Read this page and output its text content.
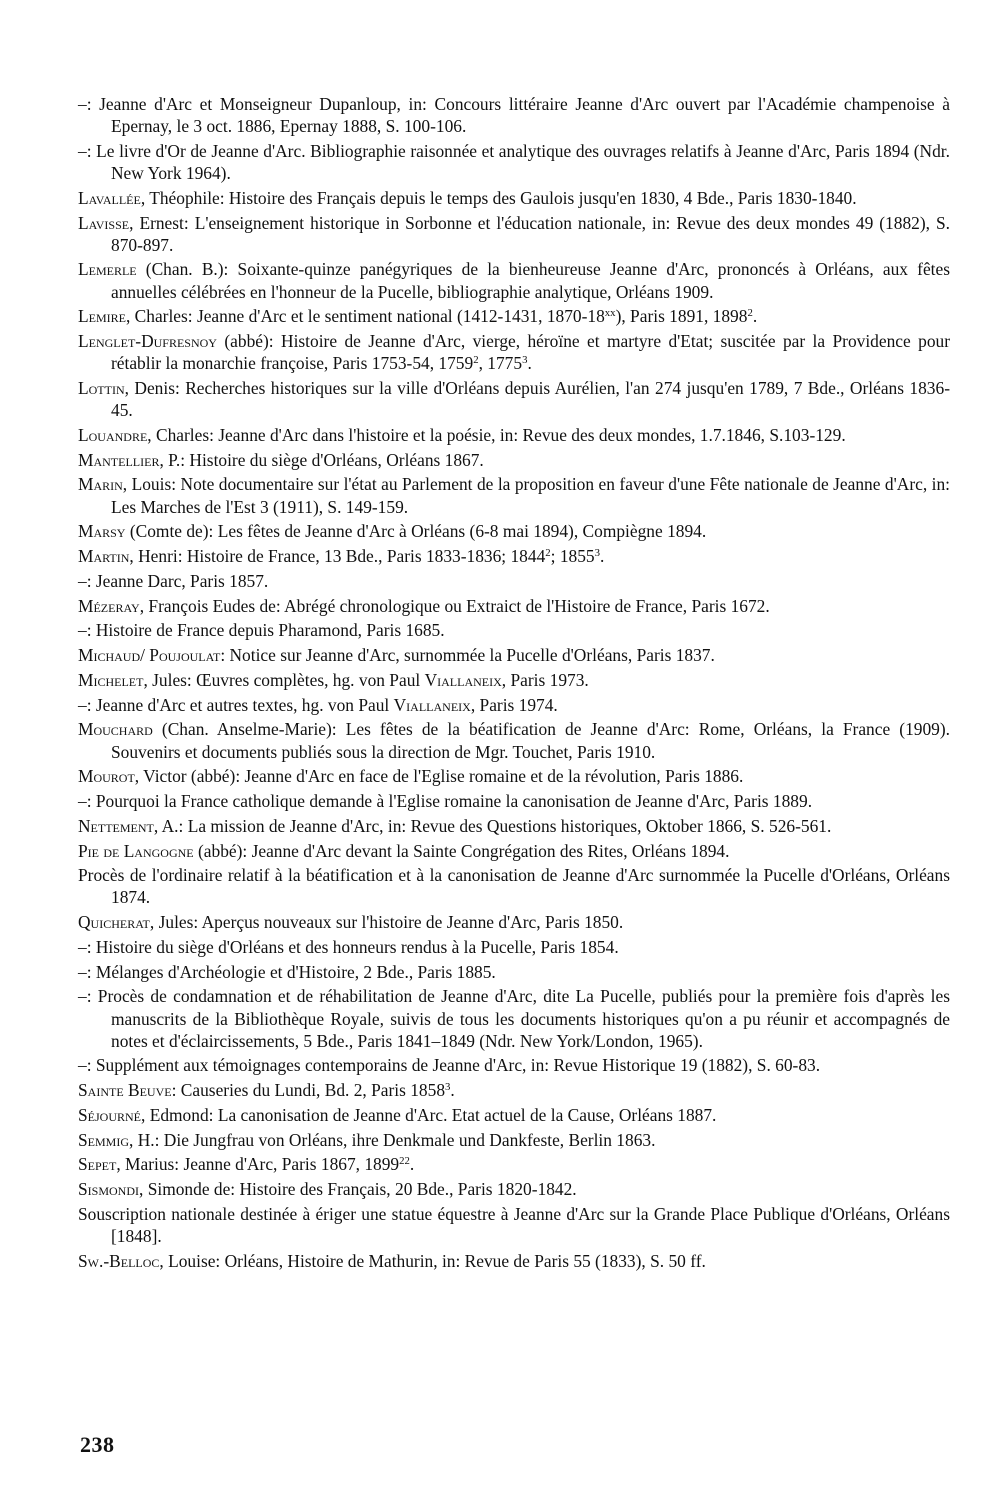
–: Jeanne d'Arc et Monseigneur Dupanloup, in: Concours littéraire Jeanne d'Arc ouvert par l'Académie champenoise à Epernay, le 3 oct. 1886, Epernay 1888, S. 100-106.
–: Le livre d'Or de Jeanne d'Arc. Bibliographie raisonnée et analytique des ouvrages relatifs à Jeanne d'Arc, Paris 1894 (Ndr. New York 1964).
Lavallée, Théophile: Histoire des Français depuis le temps des Gaulois jusqu'en 1830, 4 Bde., Paris 1830-1840.
Lavisse, Ernest: L'enseignement historique in Sorbonne et l'éducation nationale, in: Revue des deux mondes 49 (1882), S. 870-897.
Lemerle (Chan. B.): Soixante-quinze panégyriques de la bienheureuse Jeanne d'Arc, prononcés à Orléans, aux fêtes annuelles célébrées en l'honneur de la Pucelle, bibliographie analytique, Orléans 1909.
Lemire, Charles: Jeanne d'Arc et le sentiment national (1412-1431, 1870-18$^{xx}$), Paris 1891, 1898$^2$.
Lenglet-Dufresnoy (abbé): Histoire de Jeanne d'Arc, vierge, héroïne et martyre d'Etat; suscitée par la Providence pour rétablir la monarchie françoise, Paris 1753-54, 1759$^2$, 1775$^3$.
Lottin, Denis: Recherches historiques sur la ville d'Orléans depuis Aurélien, l'an 274 jusqu'en 1789, 7 Bde., Orléans 1836-45.
Louandre, Charles: Jeanne d'Arc dans l'histoire et la poésie, in: Revue des deux mondes, 1.7.1846, S.103-129.
Mantellier, P.: Histoire du siège d'Orléans, Orléans 1867.
Marin, Louis: Note documentaire sur l'état au Parlement de la proposition en faveur d'une Fête nationale de Jeanne d'Arc, in: Les Marches de l'Est 3 (1911), S. 149-159.
Marsy (Comte de): Les fêtes de Jeanne d'Arc à Orléans (6-8 mai 1894), Compiègne 1894.
Martin, Henri: Histoire de France, 13 Bde., Paris 1833-1836; 1844$^2$; 1855$^3$.
–: Jeanne Darc, Paris 1857.
Mézeray, François Eudes de: Abrégé chronologique ou Extraict de l'Histoire de France, Paris 1672.
–: Histoire de France depuis Pharamond, Paris 1685.
Michaud/ Poujoulat: Notice sur Jeanne d'Arc, surnommée la Pucelle d'Orléans, Paris 1837.
Michelet, Jules: Œuvres complètes, hg. von Paul Viallaneix, Paris 1973.
–: Jeanne d'Arc et autres textes, hg. von Paul Viallaneix, Paris 1974.
Mouchard (Chan. Anselme-Marie): Les fêtes de la béatification de Jeanne d'Arc: Rome, Orléans, la France (1909). Souvenirs et documents publiés sous la direction de Mgr. Touchet, Paris 1910.
Mourot, Victor (abbé): Jeanne d'Arc en face de l'Eglise romaine et de la révolution, Paris 1886.
–: Pourquoi la France catholique demande à l'Eglise romaine la canonisation de Jeanne d'Arc, Paris 1889.
Nettement, A.: La mission de Jeanne d'Arc, in: Revue des Questions historiques, Oktober 1866, S. 526-561.
Pie de Langogne (abbé): Jeanne d'Arc devant la Sainte Congrégation des Rites, Orléans 1894.
Procès de l'ordinaire relatif à la béatification et à la canonisation de Jeanne d'Arc surnommée la Pucelle d'Orléans, Orléans 1874.
Quicherat, Jules: Aperçus nouveaux sur l'histoire de Jeanne d'Arc, Paris 1850.
–: Histoire du siège d'Orléans et des honneurs rendus à la Pucelle, Paris 1854.
–: Mélanges d'Archéologie et d'Histoire, 2 Bde., Paris 1885.
–: Procès de condamnation et de réhabilitation de Jeanne d'Arc, dite La Pucelle, publiés pour la première fois d'après les manuscrits de la Bibliothèque Royale, suivis de tous les documents historiques qu'on a pu réunir et accompagnés de notes et d'éclaircissements, 5 Bde., Paris 1841–1849 (Ndr. New York/London, 1965).
–: Supplément aux témoignages contemporains de Jeanne d'Arc, in: Revue Historique 19 (1882), S. 60-83.
Sainte Beuve: Causeries du Lundi, Bd. 2, Paris 1858$^3$.
Séjourné, Edmond: La canonisation de Jeanne d'Arc. Etat actuel de la Cause, Orléans 1887.
Semmig, H.: Die Jungfrau von Orléans, ihre Denkmale und Dankfeste, Berlin 1863.
Sepet, Marius: Jeanne d'Arc, Paris 1867, 1899$^{22}$.
Sismondi, Simonde de: Histoire des Français, 20 Bde., Paris 1820-1842.
Souscription nationale destinée à ériger une statue équestre à Jeanne d'Arc sur la Grande Place Publique d'Orléans, Orléans [1848].
Sw.-Belloc, Louise: Orléans, Histoire de Mathurin, in: Revue de Paris 55 (1833), S. 50 ff.
238
